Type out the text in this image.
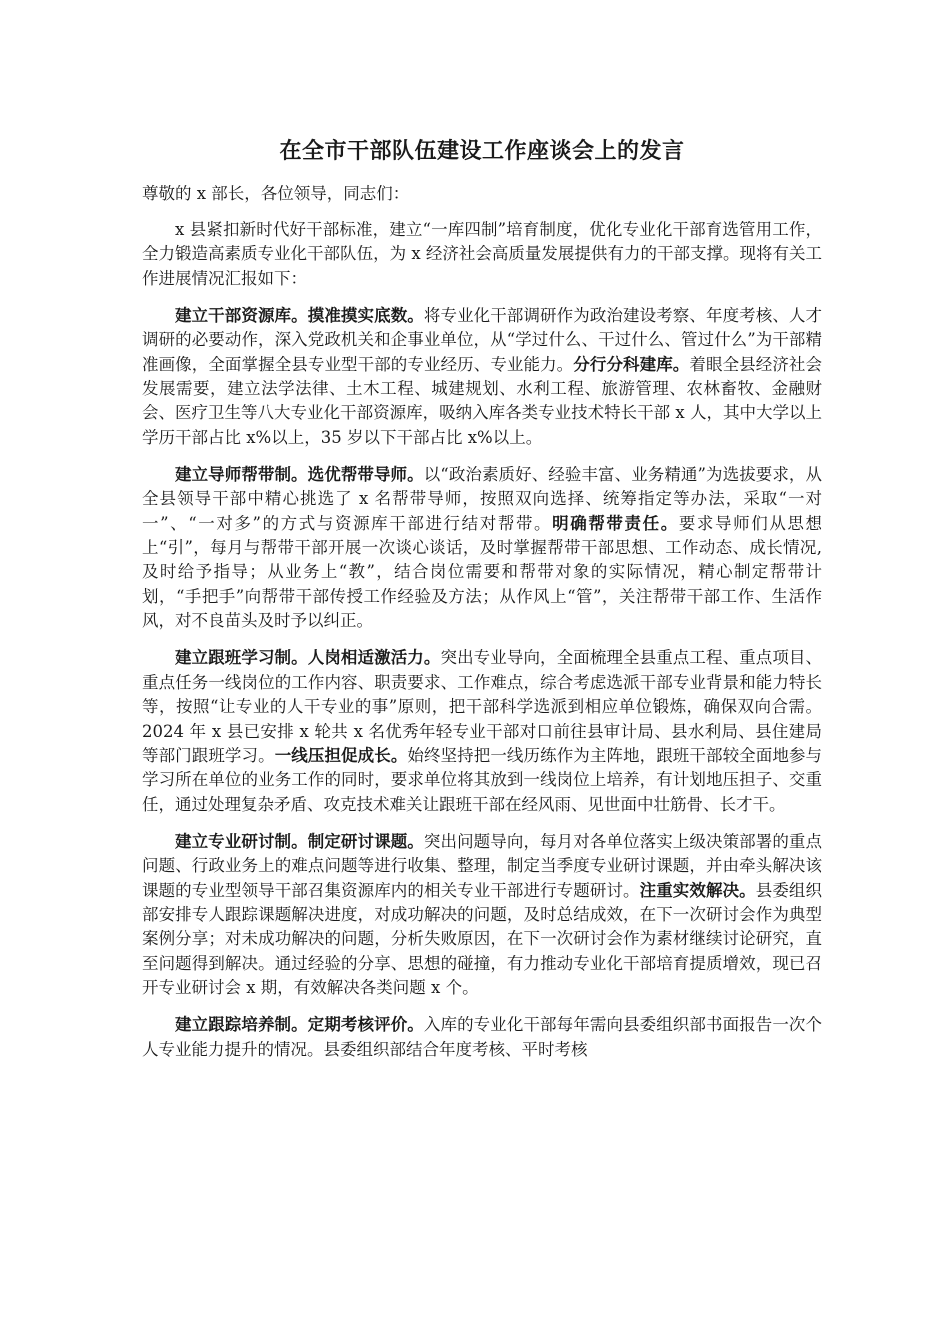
在全市干部队伍建设工作座谈会上的发言

尊敬的 x 部长，各位领导，同志们：

x 县紧扣新时代好干部标准，建立“一库四制”培育制度，优化专业化干部育选管用工作，全力锻造高素质专业化干部队伍，为 x 经济社会高质量发展提供有力的干部支撑。现将有关工作进展情况汇报如下：

建立干部资源库。摸准摸实底数。将专业化干部调研作为政治建设考察、年度考核、人才调研的必要动作，深入党政机关和企事业单位，从“学过什么、干过什么、管过什么”为干部精准画像，全面掌握全县专业型干部的专业经历、专业能力。分行分科建库。着眼全县经济社会发展需要，建立法学法律、土木工程、城建规划、水利工程、旅游管理、农林畜牧、金融财会、医疗卫生等八大专业化干部资源库，吸纳入库各类专业技术特长干部 x 人，其中大学以上学历干部占比 x%以上，35 岁以下干部占比 x%以上。

建立导师帮带制。选优帮带导师。以“政治素质好、经验丰富、业务精通”为选拔要求，从全县领导干部中精心挑选了 x 名帮带导师，按照双向选择、统筹指定等办法，采取“一对一”、“一对多”的方式与资源库干部进行结对帮带。明确帮带责任。要求导师们从思想上“引”，每月与帮带干部开展一次谈心谈话，及时掌握帮带干部思想、工作动态、成长情况,及时给予指导；从业务上“教”，结合岗位需要和帮带对象的实际情况，精心制定帮带计划，“手把手”向帮带干部传授工作经验及方法；从作风上“管”，关注帮带干部工作、生活作风，对不良苗头及时予以纠正。

建立跟班学习制。人岗相适激活力。突出专业导向，全面梳理全县重点工程、重点项目、重点任务一线岗位的工作内容、职责要求、工作难点，综合考虑选派干部专业背景和能力特长等，按照“让专业的人干专业的事”原则，把干部科学选派到相应单位锻炼，确保双向合需。2024 年 x 县已安排 x 轮共 x 名优秀年轻专业干部对口前往县审计局、县水利局、县住建局等部门跟班学习。一线压担促成长。始终坚持把一线历练作为主阵地，跟班干部较全面地参与学习所在单位的业务工作的同时，要求单位将其放到一线岗位上培养，有计划地压担子、交重任，通过处理复杂矛盾、攻克技术难关让跟班干部在经风雨、见世面中壮筋骨、长才干。

建立专业研讨制。制定研讨课题。突出问题导向，每月对各单位落实上级决策部署的重点问题、行政业务上的难点问题等进行收集、整理，制定当季度专业研讨课题，并由牵头解决该课题的专业型领导干部召集资源库内的相关专业干部进行专题研讨。注重实效解决。县委组织部安排专人跟踪课题解决进度，对成功解决的问题，及时总结成效，在下一次研讨会作为典型案例分享；对未成功解决的问题，分析失败原因，在下一次研讨会作为素材继续讨论研究，直至问题得到解决。通过经验的分享、思想的碰撞，有力推动专业化干部培育提质增效，现已召开专业研讨会 x 期，有效解决各类问题 x 个。

建立跟踪培养制。定期考核评价。入库的专业化干部每年需向县委组织部书面报告一次个人专业能力提升的情况。县委组织部结合年度考核、平时考核
